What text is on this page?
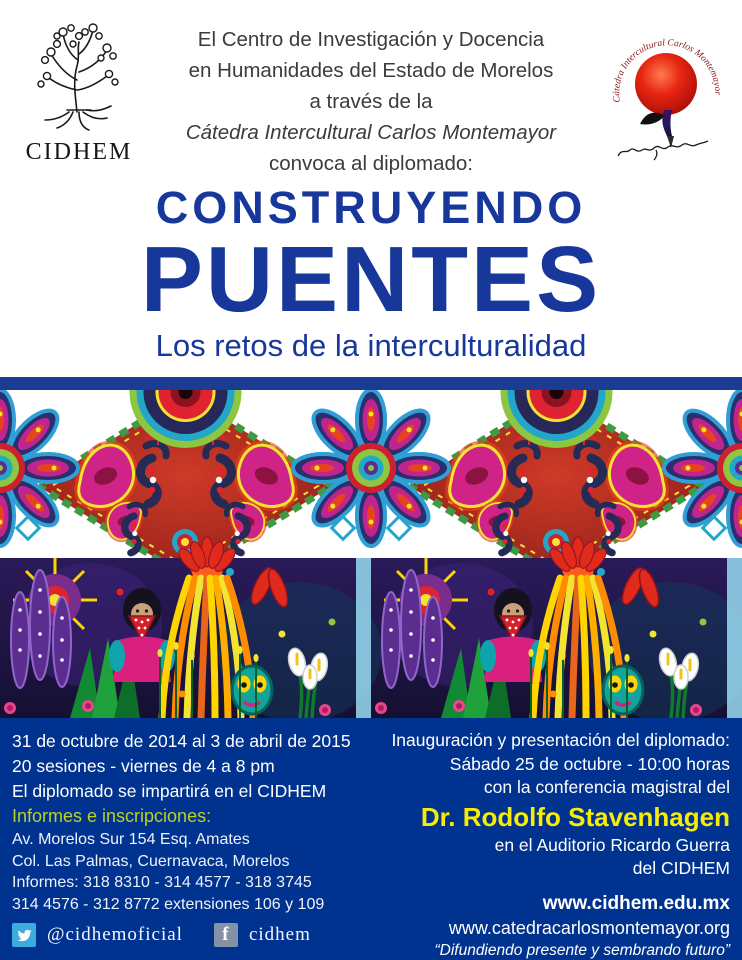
CIDHEM
El Centro de Investigación y Docencia
en Humanidades del Estado de Morelos
a través de la
Cátedra Intercultural Carlos Montemayor
convoca al diplomado:
Cátedra Intercultural Carlos Montemayor
CONSTRUYENDO
PUENTES
Los retos de la interculturalidad
31 de octubre de 2014 al 3 de abril de 2015
20 sesiones - viernes de 4 a 8 pm
El diplomado se impartirá en el CIDHEM
Informes e inscripciones:
Av. Morelos Sur 154 Esq. Amates
Col. Las Palmas, Cuernavaca, Morelos
Informes: 318 8310 - 314 4577 - 318 3745
314 4576 - 312 8772 extensiones 106 y 109
Inauguración y presentación del diplomado:
Sábado 25 de octubre - 10:00 horas
con la conferencia magistral del
Dr. Rodolfo Stavenhagen
en el Auditorio Ricardo Guerra
del CIDHEM
www.cidhem.edu.mx
www.catedracarlosmontemayor.org
“Difundiendo presente y sembrando futuro”
@cidhemoficial	f	cidhem
